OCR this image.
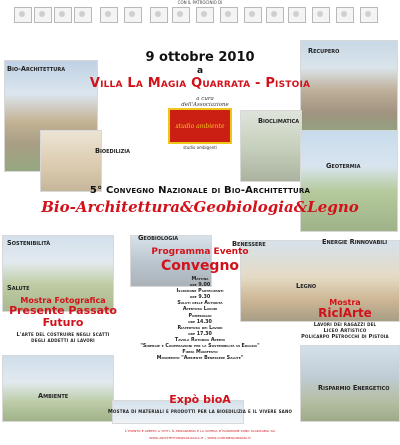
CON IL PATROCINIO DI
9 ottobre 2010
a
Villa La Magia Quarrata - Pistoia
a cura dell'Associazione
studio ambiente
studio ambigenti
Bio-Architettura
Bioedilizia
Recupero
Bioclimatica
Geotermia
Sostenibilità
Geobiologia
Benessere	Energie Rinnovabili
Salute	Legno
Ambiente
Risparmio Energetico
5° Convegno Nazionale di Bio-Architettura
Bio-Architettura&Geobiologia&Legno
Programma Evento
Convegno
Mattina
ore 9.00
Iscrizione Partecipanti
ore 9.30
Saluti delle Autorità
Apertura Lavori
Pomeriggio
ore 14.30
Riapertura dei Lavori
ore 17.30
Tavola Rotonda Aperta
"Sinergie e Cooperazioni per la Sostenibilità in Edilizia"
Firma Manifesto
Movimento "Ambiente Benessere Salute"
Mostra Fotografica
Presente Passato
Futuro
L'arte del costruire negli scatti
degli addetti ai lavori
Mostra
RiclArte
Lavori dei ragazzi del
Liceo Artistico
Policarpo Petrocchi di Pistoia
Expò bioA
Mostra di materiali e prodotti per la bioedilizia e il vivere sano
L'evento è aperto a tutti. Il programma e la scheda d'iscrizione sono scaricabili da
www.architetturaecologica.it - www.comunequarrata.it
